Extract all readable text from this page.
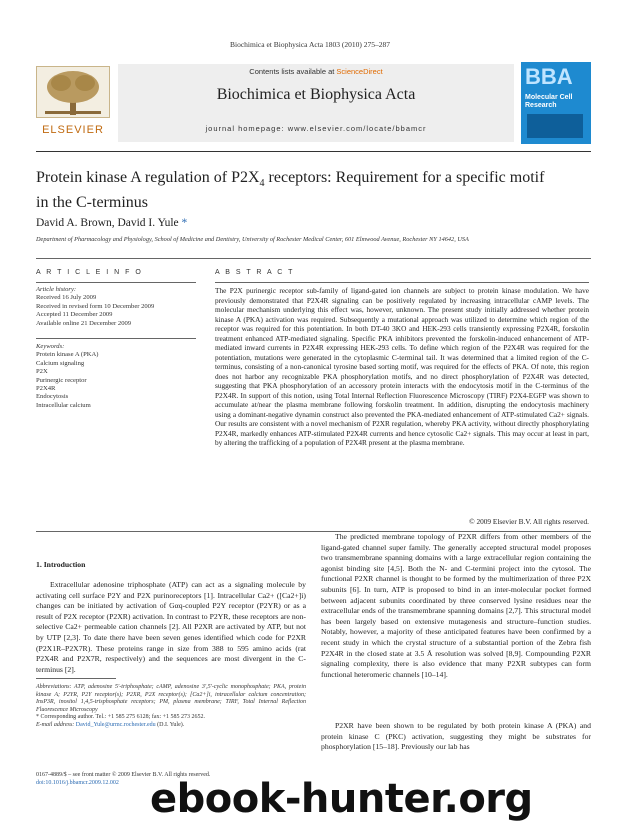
Biochimica et Biophysica Acta 1803 (2010) 275–287
ELSEVIER
Contents lists available at ScienceDirect
Biochimica et Biophysica Acta
journal homepage: www.elsevier.com/locate/bbamcr
BBA
Molecular Cell
Research
Protein kinase A regulation of $P2X_4$ receptors: Requirement for a specific motif
in the C-terminus
David A. Brown, David I. Yule *
Department of Pharmacology and Physiology, School of Medicine and Dentistry, University of Rochester Medical Center, 601 Elmwood Avenue, Rochester NY 14642, USA
A R T I C L E I N F O
Article history:
Received 16 July 2009
Received in revised form 10 December 2009
Accepted 11 December 2009
Available online 21 December 2009
Keywords:
Protein kinase A (PKA)
Calcium signaling
P2X
Purinergic receptor
P2X4R
Endocytosis
Intracellular calcium
A B S T R A C T
The P2X purinergic receptor sub-family of ligand-gated ion channels are subject to protein kinase modulation. We have previously demonstrated that P2X4R signaling can be positively regulated by increasing intracellular cAMP levels. The molecular mechanism underlying this effect was, however, unknown. The present study initially addressed whether protein kinase A (PKA) activation was required. Subsequently a mutational approach was utilized to determine which region of the receptor was required for this potentiation. In both DT-40 3KO and HEK-293 cells transiently expressing P2X4R, forskolin treatment enhanced ATP-mediated signaling. Specific PKA inhibitors prevented the forskolin-induced enhancement of ATP-mediated inward currents in P2X4R expressing HEK-293 cells. To define which region of the P2X4R was required for the potentiation, mutations were generated in the cytoplasmic C-terminal tail. It was determined that a limited region of the C-terminus, consisting of a non-canonical tyrosine based sorting motif, was required for the effects of PKA. Of note, this region does not harbor any recognizable PKA phosphorylation motifs, and no direct phosphorylation of P2X4R was detected, suggesting that PKA phosphorylation of an accessory protein interacts with the endocytosis motif in the C-terminus of the P2X4R. In support of this notion, using Total Internal Reflection Fluorescence Microscopy (TIRF) P2X4-EGFP was shown to accumulate at/near the plasma membrane following forskolin treatment. In addition, disrupting the endocytosis machinery using a dominant-negative dynamin construct also prevented the PKA-mediated enhancement of ATP-stimulated Ca2+ signals. Our results are consistent with a novel mechanism of P2XR regulation, whereby PKA activity, without directly phosphorylating P2X4R, markedly enhances ATP-stimulated P2X4R currents and hence cytosolic Ca2+ signals. This may occur at least in part, by altering the trafficking of a population of P2X4R present at the plasma membrane.
© 2009 Elsevier B.V. All rights reserved.
1. Introduction
Extracellular adenosine triphosphate (ATP) can act as a signaling molecule by activating cell surface P2Y and P2X purinoreceptors [1]. Intracellular Ca2+ ([Ca2+]i) changes can be initiated by activation of Gαq-coupled P2Y receptor (P2YR) or as a result of P2X receptor (P2XR) activation. In contrast to P2YR, these receptors are non-selective Ca2+ permeable cation channels [2]. All P2XR are activated by ATP, but not by UTP [2,3]. To date there have been seven genes identified which code for P2XR (P2X1R–P2X7R). These proteins range in size from 388 to 595 amino acids (rat P2X4R and P2X7R, respectively) and the sequences are most divergent in the C-terminus [2].
The predicted membrane topology of P2XR differs from other members of the ligand-gated channel super family. The generally accepted structural model proposes two transmembrane spanning domains with a large extracellular region containing the agonist binding site [4,5]. Both the N- and C-termini project into the cytosol. The functional P2XR channel is thought to be formed by the multimerization of three P2X subunits [6]. In turn, ATP is proposed to bind in an inter-molecular pocket formed between adjacent subunits coordinated by three conserved lysine residues near the extracellular ends of the transmembrane spanning domains [2,7]. This structural model has been largely based on extensive mutagenesis and structure–function studies. Notably, however, a majority of these anticipated features have been confirmed by a recent study in which the crystal structure of a substantial portion of the Zebra fish P2X4R in the closed state at 3.5 Å resolution was solved [8,9]. Compounding P2XR signaling complexity, there is also evidence that many P2XR subtypes can form functional heteromeric channels [10–14].
P2XR have been shown to be regulated by both protein kinase A (PKA) and protein kinase C (PKC) activation, suggesting they might be substrates for phosphorylation [15–18]. Previously our lab has
Abbreviations: ATP, adenosine 5'-triphosphate; cAMP, adenosine 3',5'-cyclic monophosphate; PKA, protein kinase A; P2YR, P2Y receptor(s); P2XR, P2X receptor(s); [Ca2+]i, intracellular calcium concentration; InsP3R, inositol 1,4,5-trisphosphate receptors; PM, plasma membrane; TIRF, Total Internal Reflection Fluorescence Microscopy
* Corresponding author. Tel.: +1 585 275 6128; fax: +1 585 273 2652.
E-mail address: David_Yule@urmc.rochester.edu (D.I. Yule).
0167-4889/$ – see front matter © 2009 Elsevier B.V. All rights reserved.
doi:10.1016/j.bbamcr.2009.12.002 ebook-hunter.org
